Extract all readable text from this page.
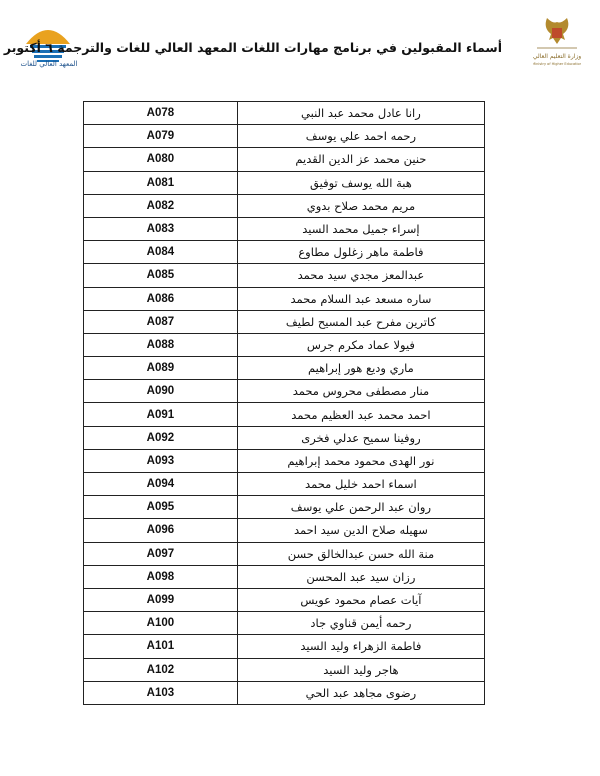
المعهد العالي للغات
وزارة التعليم العالي
Ministry of Higher Education
أسماء المقبولين في برنامج مهارات اللغات المعهد العالي للغات والترجمة ٦ أكتوبر
A078	رانا عادل محمد عبد النبي
A079	رحمه احمد علي يوسف
A080	حنين محمد عز الدين القديم
A081	هبة الله يوسف توفيق
A082	مريم محمد صلاح بدوي
A083	إسراء جميل محمد السيد
A084	فاطمة ماهر زغلول مطاوع
A085	عبدالمعز مجدي سيد محمد
A086	ساره مسعد عبد السلام محمد
A087	كاترين مفرح عبد المسيح لطيف
A088	فيولا عماد مكرم جرس
A089	ماري وديع هور إبراهيم
A090	منار مصطفى محروس محمد
A091	احمد محمد عبد العظيم محمد
A092	روفينا سميح عدلي فخرى
A093	نور الهدى محمود محمد إبراهيم
A094	اسماء احمد خليل محمد
A095	روان عبد الرحمن علي يوسف
A096	سهيله صلاح الدين سيد احمد
A097	منة الله حسن عبدالخالق حسن
A098	رزان سيد عبد المحسن
A099	آيات عصام محمود عويس
A100	رحمه أيمن قناوي جاد
A101	فاطمة الزهراء وليد السيد
A102	هاجر وليد السيد
A103	رضوى مجاهد عبد الحي
